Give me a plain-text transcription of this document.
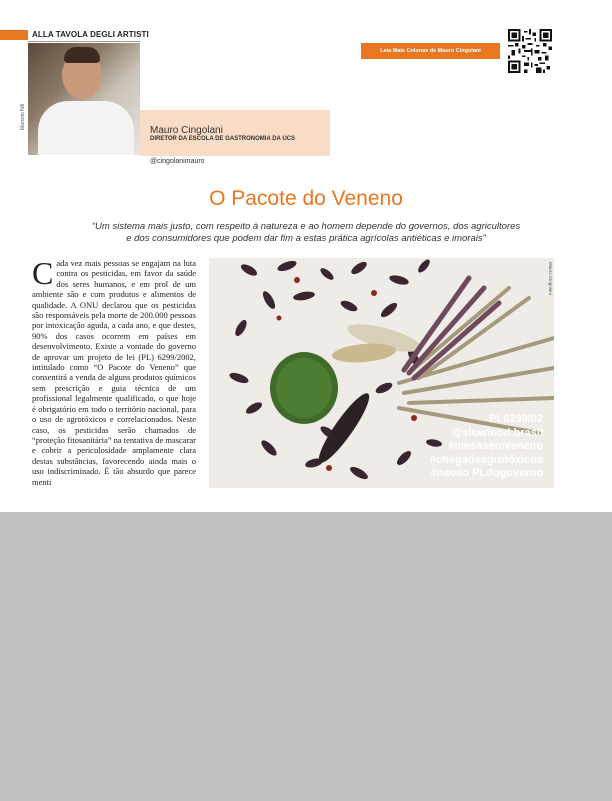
ALLA TAVOLA DEGLI ARTISTI
Marcelo Nill
Mauro Cingolani
DIRETOR DA ESCOLA DE GASTRONOMIA DA UCS
@cingolanimauro
Leia Mais Colunas de Mauro Cingolani
O Pacote do Veneno
“Um sistema mais justo, com respeito à natureza e ao homem depende do governos, dos agricultores
e dos consumidores que podem dar fim a estas prática agrícolas antiéticas e imorais”
Cada vez mais pessoas se engajam na luta contra os pesticidas, em favor da saúde dos seres humanos, e em prol de um ambiente são e com produtos e alimentos de qualidade. A ONU declarou que os pesticidas são responsáveis pela morte de 200.000 pessoas por intoxicação aguda, a cada ano, e que destes, 90% dos casos ocorrem em países em desenvolvimento. Existe a vontade do governo de aprovar um projeto de lei (PL) 6299/2002, intitulado como “O Pacote do Veneno” que consentirá a venda de alguns produtos químicos sem prescrição e guia técnica de um profissional legalmente qualificado, o que hoje é obrigatório em todo o território nacional, para o uso de agrotóxicos e correlacionados. Neste caso, os pesticidas serão chamados de “proteção fitosanitária” na tentativa de mascarar e cobrir a periculosidade amplamente clara destas substâncias, favorecendo ainda mais o uso indiscriminado. É tão absurdo que parece menti
Mauro Cingolani
PL6299/02
@slowfood.brasil
#mesasemveneno
#chegadeagrotóxicos
#naoao PLdogoverno
